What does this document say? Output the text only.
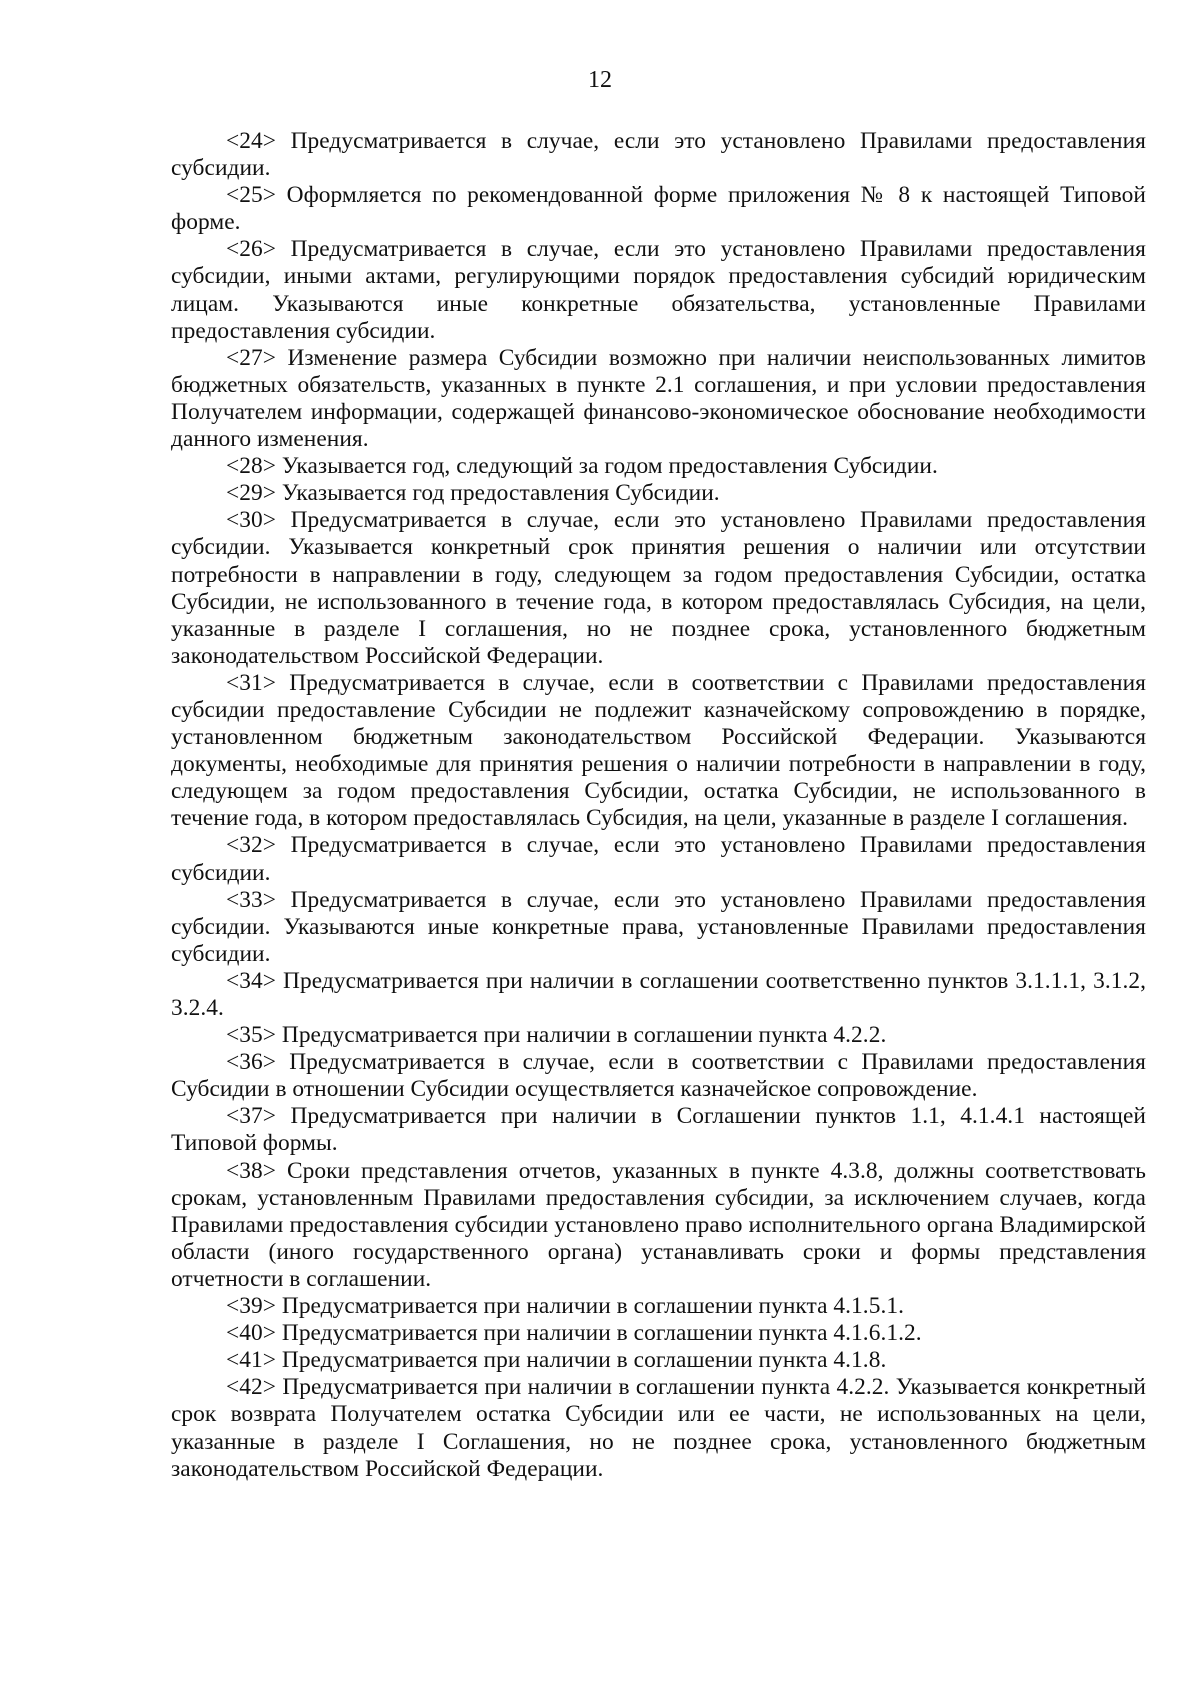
12

<24> Предусматривается в случае, если это установлено Правилами предоставления субсидии.

<25> Оформляется по рекомендованной форме приложения № 8 к настоящей Типовой форме.

<26> Предусматривается в случае, если это установлено Правилами предоставления субсидии, иными актами, регулирующими порядок предоставления субсидий юридическим лицам. Указываются иные конкретные обязательства, установленные Правилами предоставления субсидии.

<27> Изменение размера Субсидии возможно при наличии неиспользованных лимитов бюджетных обязательств, указанных в пункте 2.1 соглашения, и при условии предоставления Получателем информации, содержащей финансово-экономическое обоснование необходимости данного изменения.

<28> Указывается год, следующий за годом предоставления Субсидии.

<29> Указывается год предоставления Субсидии.

<30> Предусматривается в случае, если это установлено Правилами предоставления субсидии. Указывается конкретный срок принятия решения о наличии или отсутствии потребности в направлении в году, следующем за годом предоставления Субсидии, остатка Субсидии, не использованного в течение года, в котором предоставлялась Субсидия, на цели, указанные в разделе I соглашения, но не позднее срока, установленного бюджетным законодательством Российской Федерации.

<31> Предусматривается в случае, если в соответствии с Правилами предоставления субсидии предоставление Субсидии не подлежит казначейскому сопровождению в порядке, установленном бюджетным законодательством Российской Федерации. Указываются документы, необходимые для принятия решения о наличии потребности в направлении в году, следующем за годом предоставления Субсидии, остатка Субсидии, не использованного в течение года, в котором предоставлялась Субсидия, на цели, указанные в разделе I соглашения.

<32> Предусматривается в случае, если это установлено Правилами предоставления субсидии.

<33> Предусматривается в случае, если это установлено Правилами предоставления субсидии. Указываются иные конкретные права, установленные Правилами предоставления субсидии.

<34> Предусматривается при наличии в соглашении соответственно пунктов 3.1.1.1, 3.1.2, 3.2.4.

<35> Предусматривается при наличии в соглашении пункта 4.2.2.

<36> Предусматривается в случае, если в соответствии с Правилами предоставления Субсидии в отношении Субсидии осуществляется казначейское сопровождение.

<37> Предусматривается при наличии в Соглашении пунктов 1.1, 4.1.4.1 настоящей Типовой формы.

<38> Сроки представления отчетов, указанных в пункте 4.3.8, должны соответствовать срокам, установленным Правилами предоставления субсидии, за исключением случаев, когда Правилами предоставления субсидии установлено право исполнительного органа Владимирской области (иного государственного органа) устанавливать сроки и формы представления отчетности в соглашении.

<39> Предусматривается при наличии в соглашении пункта 4.1.5.1.

<40> Предусматривается при наличии в соглашении пункта 4.1.6.1.2.

<41> Предусматривается при наличии в соглашении пункта 4.1.8.

<42> Предусматривается при наличии в соглашении пункта 4.2.2. Указывается конкретный срок возврата Получателем остатка Субсидии или ее части, не использованных на цели, указанные в разделе I Соглашения, но не позднее срока, установленного бюджетным законодательством Российской Федерации.
